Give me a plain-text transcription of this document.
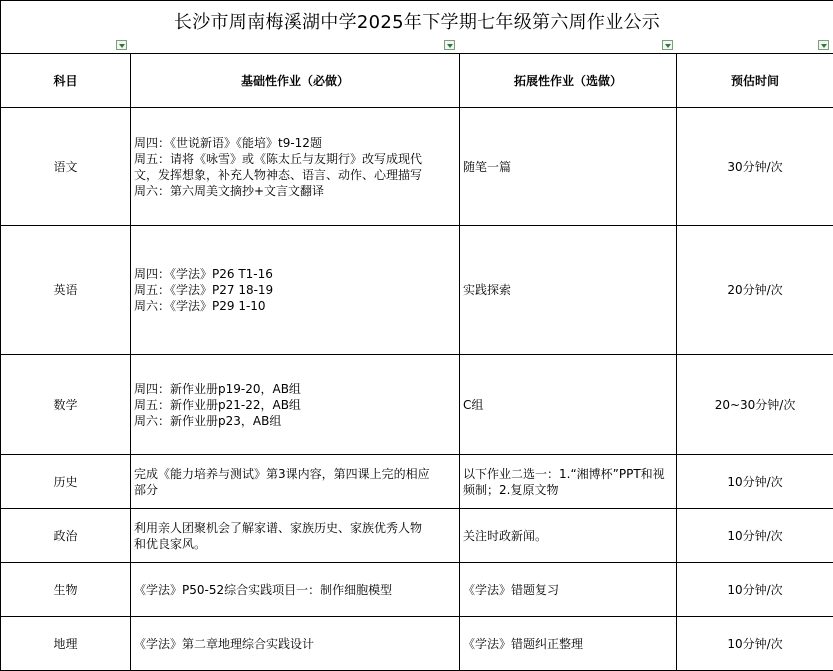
长沙市周南梅溪湖中学2025年下学期七年级第六周作业公示			
科目	基础性作业（必做）	拓展性作业（选做）	预估时间
语文	周四：《世说新语》《能培》t9-12题
周五：请将《咏雪》或《陈太丘与友期行》改写成现代
文，发挥想象，补充人物神态、语言、动作、心理描写
周六：第六周美文摘抄+文言文翻译	随笔一篇	30分钟/次
英语	周四：《学法》P26 T1-16
周五：《学法》P27 18-19
周六：《学法》P29 1-10	实践探索	20分钟/次
数学	周四：新作业册p19-20，AB组
周五：新作业册p21-22，AB组
周六：新作业册p23，AB组	C组	20~30分钟/次
历史	完成《能力培养与测试》第3课内容，第四课上完的相应
部分	以下作业二选一：1.“湘博杯”PPT和视频制；2.复原文物	10分钟/次
政治	利用亲人团聚机会了解家谱、家族历史、家族优秀人物
和优良家风。	关注时政新闻。	10分钟/次
生物	《学法》P50-52综合实践项目一：制作细胞模型	《学法》错题复习	10分钟/次
地理	《学法》第二章地理综合实践设计	《学法》错题纠正整理	10分钟/次
